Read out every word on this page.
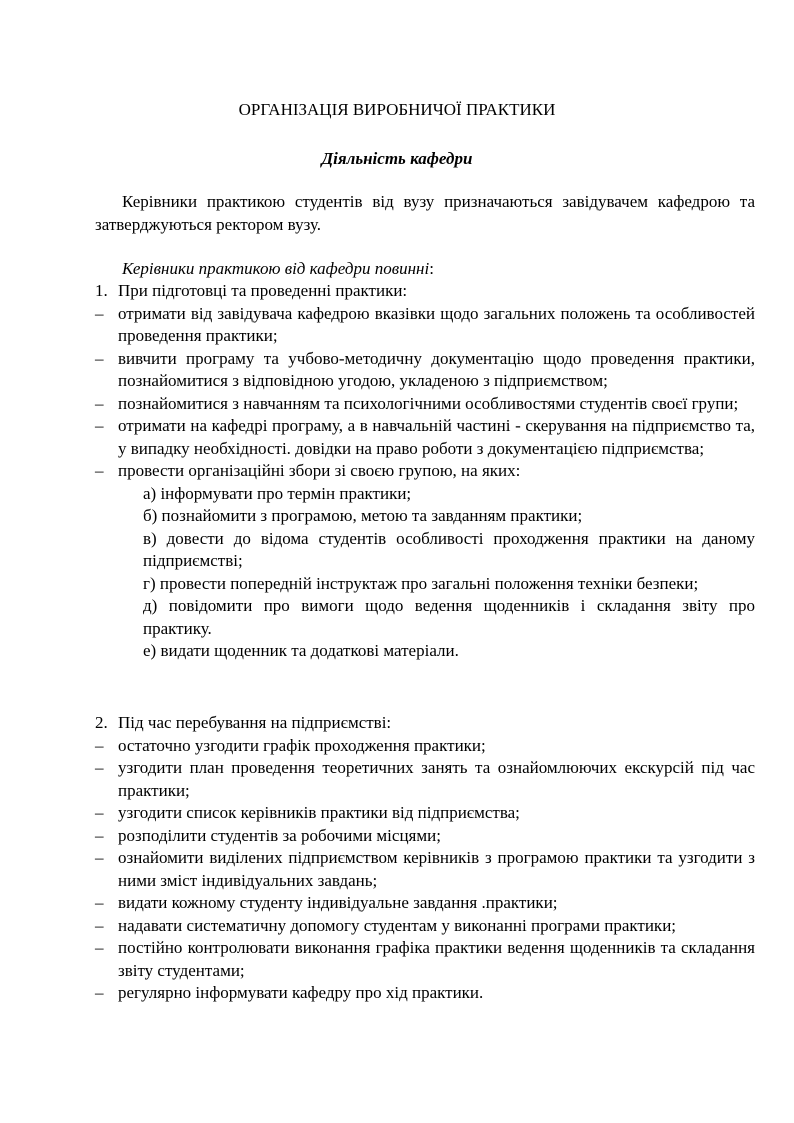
ОРГАНІЗАЦІЯ ВИРОБНИЧОЇ ПРАКТИКИ
Діяльність кафедри
Керівники практикою студентів від вузу призначаються завідувачем кафедрою та затверджуються ректором вузу.
Керівники практикою від кафедри повинні:
1. При підготовці та проведенні практики:
– отримати від завідувача кафедрою вказівки щодо загальних положень та особливостей проведення практики;
– вивчити програму та учбово-методичну документацію щодо проведення практики, познайомитися з відповідною угодою, укладеною з підприємством;
– познайомитися з навчанням та психологічними особливостями студентів своєї групи;
– отримати на кафедрі програму, а в навчальній частині - скерування на підприємство та, у випадку необхідності. довідки на право роботи з документацією підприємства;
– провести організаційні збори зі своєю групою, на яких:
а) інформувати про термін практики;
б) познайомити з програмою, метою та завданням практики;
в) довести до відома студентів особливості проходження практики на даному підприємстві;
г) провести попередній інструктаж про загальні положення техніки безпеки;
д) повідомити про вимоги щодо ведення щоденників і складання звіту про практику.
е) видати щоденник та додаткові матеріали.
2. Під час перебування на підприємстві:
– остаточно узгодити графік проходження практики;
– узгодити план проведення теоретичних занять та ознайомлюючих екскурсій під час практики;
– узгодити список керівників практики від підприємства;
– розподілити студентів за робочими місцями;
– ознайомити виділених підприємством керівників з програмою практики та узгодити з ними зміст індивідуальних завдань;
– видати кожному студенту індивідуальне завдання .практики;
– надавати систематичну допомогу студентам у виконанні програми практики;
– постійно контролювати виконання графіка практики ведення щоденників та складання звіту студентами;
– регулярно інформувати кафедру про хід практики.
